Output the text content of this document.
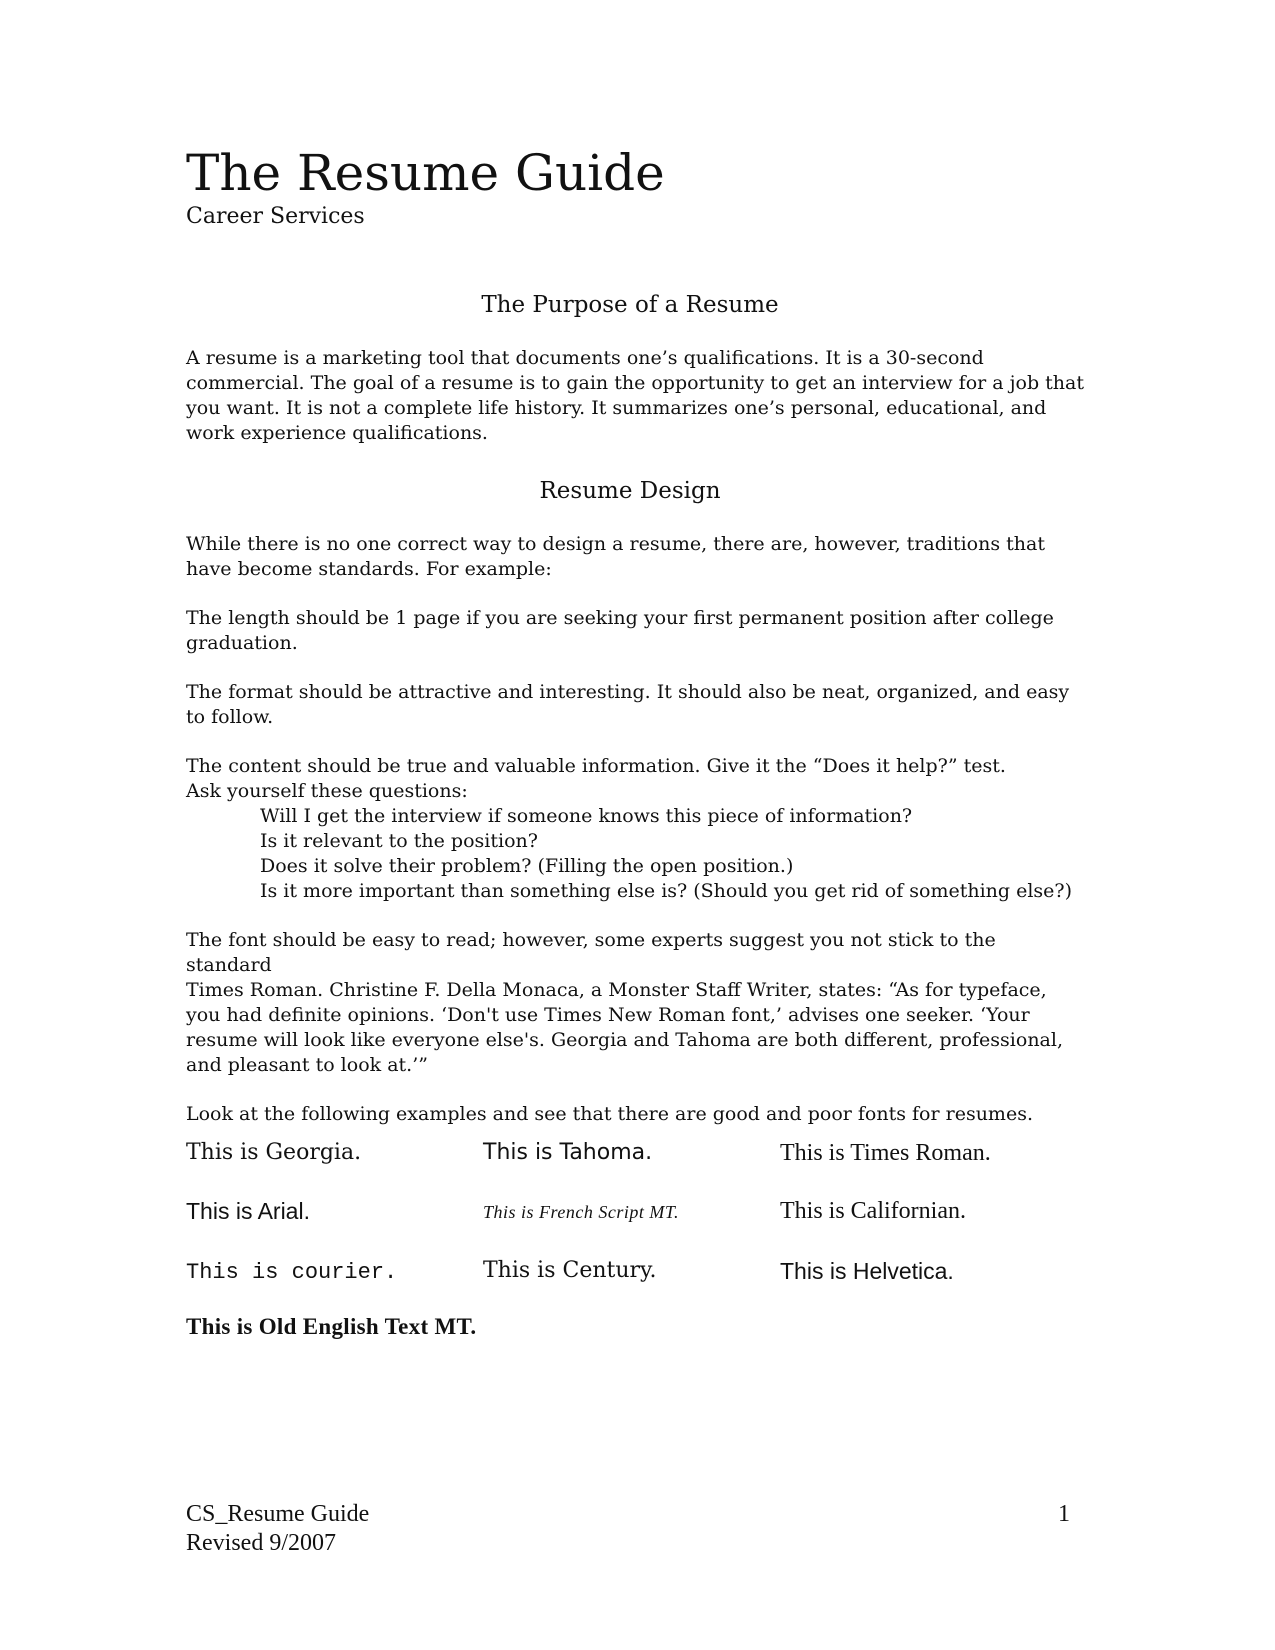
The Resume Guide
Career Services
The Purpose of a Resume
A resume is a marketing tool that documents one’s qualifications. It is a 30-second
commercial. The goal of a resume is to gain the opportunity to get an interview for a job that
you want. It is not a complete life history. It summarizes one’s personal, educational, and
work experience qualifications.
Resume Design
While there is no one correct way to design a resume, there are, however, traditions that
have become standards. For example:
The length should be 1 page if you are seeking your first permanent position after college
graduation.
The format should be attractive and interesting. It should also be neat, organized, and easy
to follow.
The content should be true and valuable information. Give it the “Does it help?” test.
Ask yourself these questions:
Will I get the interview if someone knows this piece of information?
Is it relevant to the position?
Does it solve their problem? (Filling the open position.)
Is it more important than something else is? (Should you get rid of something else?)
The font should be easy to read; however, some experts suggest you not stick to the standard
Times Roman. Christine F. Della Monaca, a Monster Staff Writer, states: “As for typeface,
you had definite opinions. ‘Don't use Times New Roman font,’ advises one seeker. ‘Your
resume will look like everyone else's. Georgia and Tahoma are both different, professional,
and pleasant to look at.’”
Look at the following examples and see that there are good and poor fonts for resumes.
This is Georgia.	This is Tahoma.	This is Times Roman.
This is Arial.	This is French Script MT.	This is Californian.
This is courier.	This is Century.	This is Helvetica.
This is Old English Text MT.
CS_Resume Guide
Revised 9/2007
1
